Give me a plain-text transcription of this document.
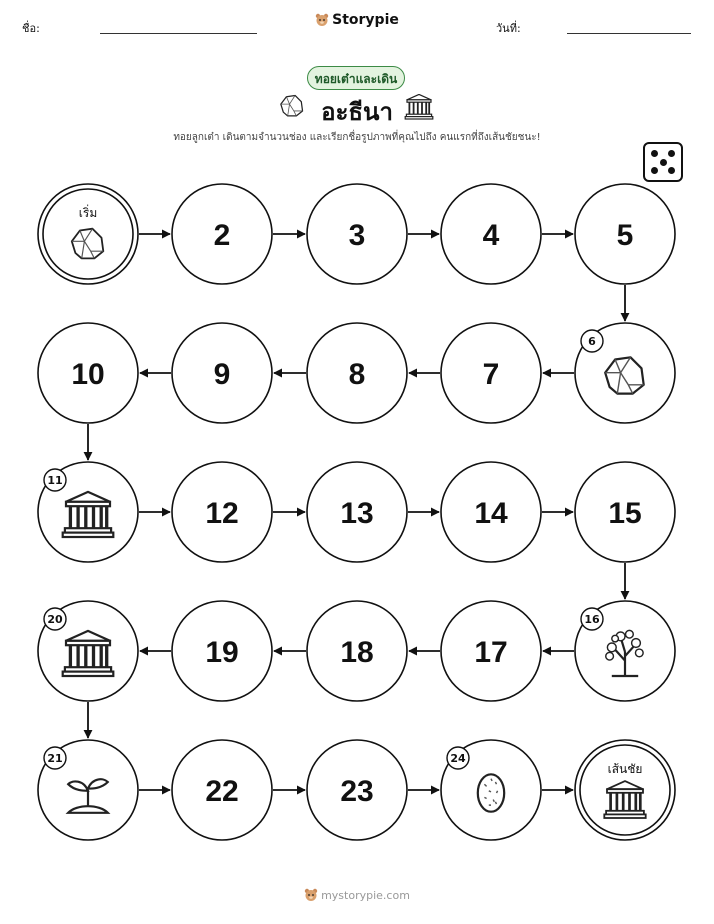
ชื่อ:
Storypie
วันที่:
ทอยเต๋าและเดิน
อะธีนา
ทอยลูกเต๋า เดินตามจำนวนช่อง และเรียกชื่อรูปภาพที่คุณไปถึง คนแรกที่ถึงเส้นชัยชนะ!
เริ่ม
2	3	4	5
6
7
8
9
10
11
12	13	14	15
16
17
18
19
20
21
22	23
24
เส้นชัย
mystorypie.com
